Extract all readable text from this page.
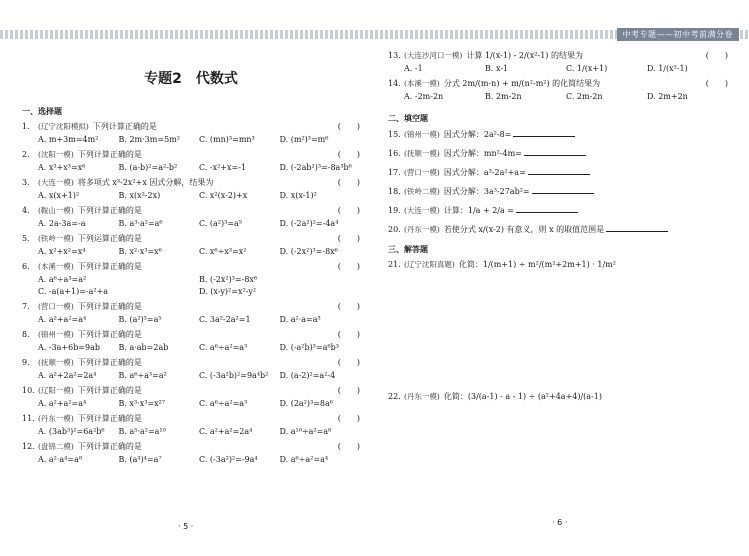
中考专题——初中考前满分卷
专题2　代数式
一、选择题
1.	(辽宁沈阳模拟) 下列计算正确的是	(　　)
A. m+3m=4m²	B. 2m·3m=5m²	C. (mn)³=mn³	D. (m²)³=m⁶
2.	(沈阳一模) 下列计算正确的是	(　　)
A. x³+x³=x⁶	B. (a-b)²=a²-b²	C. -x²+x=-1	D. (-2ab²)³=-8a³b⁶
3.	(大连一模) 将多项式 x³-2x²+x 因式分解，结果为	(　　)
A. x(x+1)²	B. x(x²-2x)	C. x²(x-2)+x	D. x(x-1)²
4.	(鞍山一模) 下列计算正确的是	(　　)
A. 2a-3a=-a	B. a³·a²=a⁶	C. (a²)³=a⁵	D. (-2a²)²=-4a⁴
5.	(铁岭一模) 下列运算正确的是	(　　)
A. x²+x²=x⁴	B. x²·x³=x⁶	C. x⁶÷x³=x²	D. (-2x²)³=-8x⁶
6.	(本溪一模) 下列计算正确的是	(　　)
A. a⁶÷a³=a²	B. (-2x²)³=-8x⁶
C. -a(a+1)=-a²+a	D. (x-y)²=x²-y²
7.	(营口一模) 下列计算正确的是	(　　)
A. a²+a²=a⁴	B. (a²)³=a⁵	C. 3a²-2a²=1	D. a²·a=a³
8.	(锦州一模) 下列计算正确的是	(　　)
A. -3a+6b=9ab	B. a·ab=2ab	C. a⁶÷a²=a³	D. (-a²b)³=a⁶b³
9.	(抚顺一模) 下列计算正确的是	(　　)
A. a²+2a²=2a⁴	B. a⁶÷a³=a²	C. (-3a²b)²=9a⁴b²	D. (a-2)²=a²-4
10. (辽阳一模) 下列计算正确的是	(　　)
A. a²+a²=a⁴	B. x³·x³=x²⁷	C. a⁶÷a²=a³	D. (2a²)³=8a⁶
11. (丹东一模) 下列计算正确的是	(　　)
A. (3ab³)²=6a²b⁶	B. a⁵·a²=a¹⁰	C. a²+a²=2a⁴	D. a¹⁰÷a²=a⁸
12. (盘锦二模) 下列计算正确的是	(　　)
A. a²·a⁴=a⁸	B. (a³)⁴=a⁷	C. (-3a²)²=-9a⁴	D. a⁶÷a²=a⁴
· 5 ·
13. (大连沙河口一模) 计算 1/(x-1) - 2/(x²-1) 的结果为	(　　)
A. -1	B. x-1	C. 1/(x+1)	D. 1/(x²-1)
14. (本溪一模) 分式 2m/(m-n) + m/(n²-m²) 的化简结果为	(　　)
A. -2m-2n	B. 2m-2n	C. 2m-2n	D. 2m+2n
二、填空题
15. (锦州一模) 因式分解：2a²-8=
16. (抚顺一模) 因式分解：mn²-4m=
17. (营口一模) 因式分解：a³-2a²+a=
18. (铁岭二模) 因式分解：3a³-27ab²=
19. (大连一模) 计算：1/a + 2/a =
20. (丹东一模) 若使分式 x/(x-2) 有意义，则 x 的取值范围是
三、解答题
21. (辽宁沈阳真题) 化简：1/(m+1) ÷ m²/(m²+2m+1) · 1/m²
22. (丹东一模) 化简：(3/(a-1) - a - 1) ÷ (a²+4a+4)/(a-1)
· 6 ·
